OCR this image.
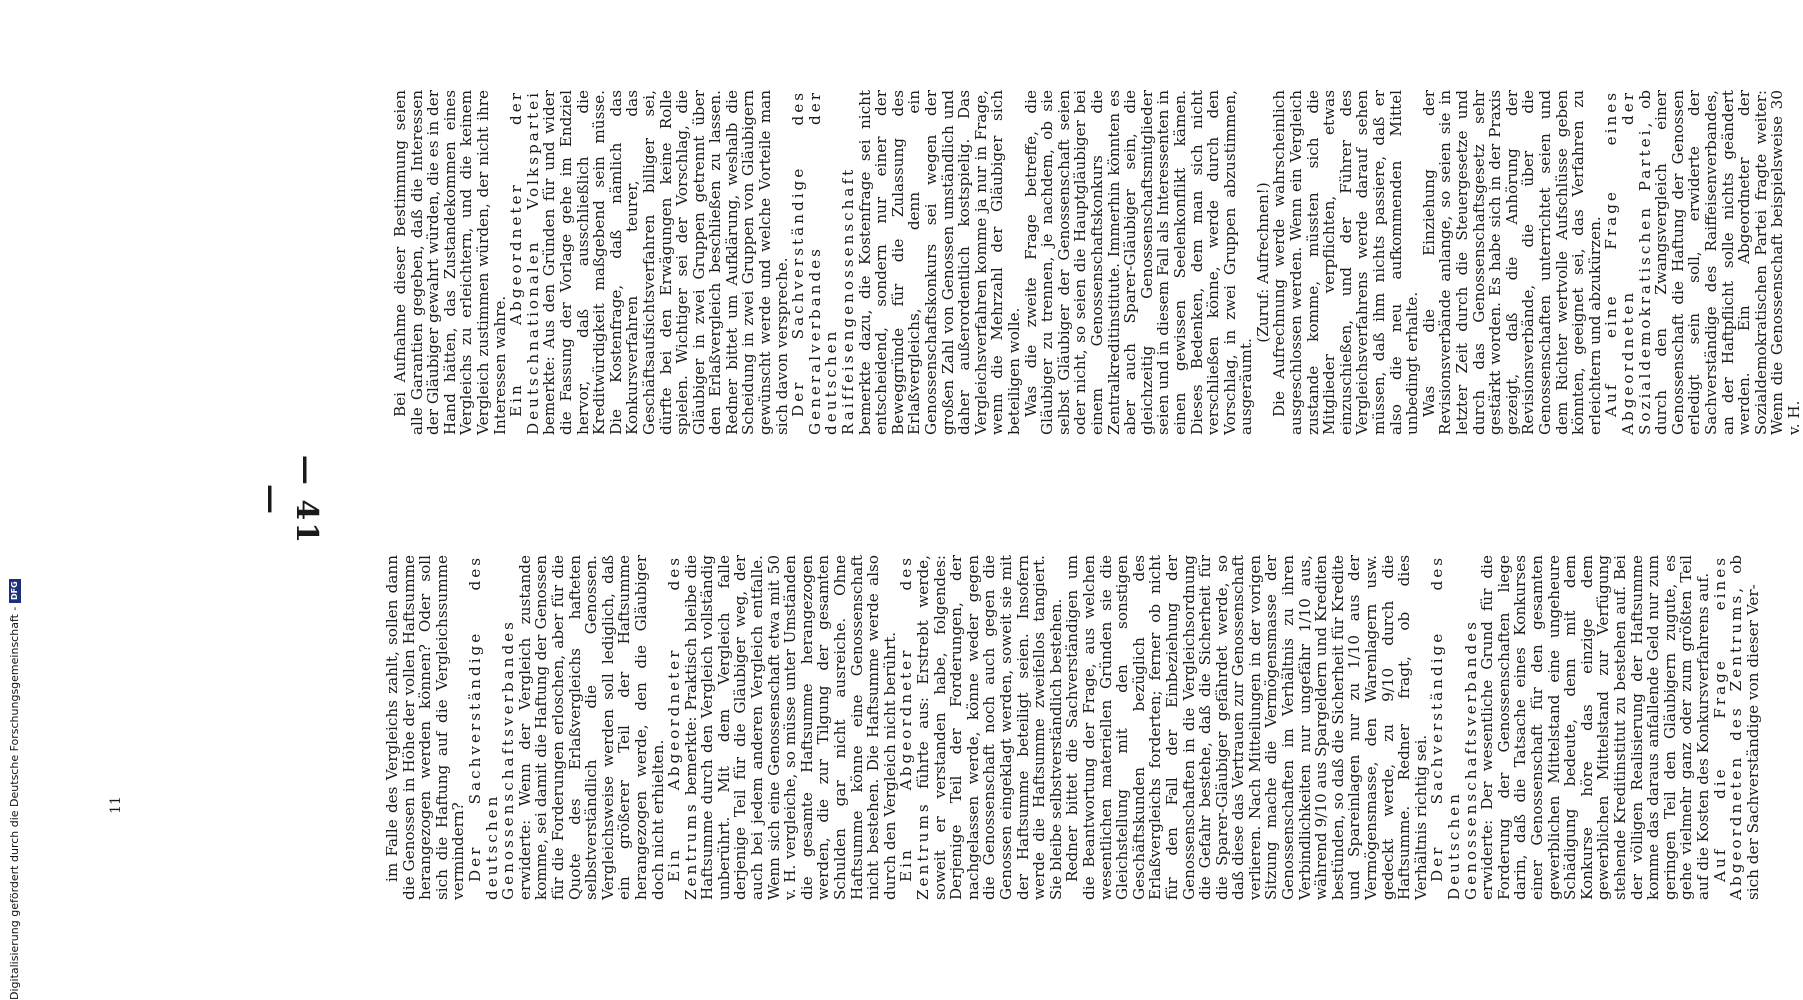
Bei Aufnahme dieser Bestimmung seien alle Garantien gegeben, daß die Interessen der Gläubiger gewahrt würden, die es in der Hand hätten, das Zustandekommen eines Vergleichs zu erleichtern, und die keinem Vergleich zustimmen würden, der nicht ihre Interessen wahre.

Ein Abgeordneter der Deutschnationalen Volkspartei bemerkte: Aus den Gründen für und wider die Fassung der Vorlage gehe im Endziel hervor, daß ausschließlich die Kreditwürdigkeit maßgebend sein müsse. Die Kostenfrage, daß nämlich das Konkursverfahren teurer, das Geschäftsaufsichtsverfahren billiger sei, dürfte bei den Erwägungen keine Rolle spielen. Wichtiger sei der Vorschlag, die Gläubiger in zwei Gruppen getrennt über den Erlaßvergleich beschließen zu lassen. Redner bittet um Aufklärung, weshalb die Scheidung in zwei Gruppen von Gläubigern gewünscht werde und welche Vorteile man sich davon verspreche.

Der Sachverständige des Generalverbandes der deutschen Raiffeisengenossenschaft bemerkte dazu, die Kostenfrage sei nicht entscheidend, sondern nur einer der Beweggründe für die Zulassung des Erlaßvergleichs, denn ein Genossenschaftskonkurs sei wegen der großen Zahl von Genossen umständlich und daher außerordentlich kostspielig. Das Vergleichsverfahren komme ja nur in Frage, wenn die Mehrzahl der Gläubiger sich beteiligen wolle.

Was die zweite Frage betreffe, die Gläubiger zu trennen, je nachdem, ob sie selbst Gläubiger der Genossenschaft seien oder nicht, so seien die Hauptgläubiger bei einem Genossenschaftskonkurs die Zentralkreditinstitute. Immerhin könnten es aber auch Sparer-Gläubiger sein, die gleichzeitig Genossenschaftsmitglieder seien und in diesem Fall als Interessenten in einen gewissen Seelenkonflikt kämen. Dieses Bedenken, dem man sich nicht verschließen könne, werde durch den Vorschlag, in zwei Gruppen abzustimmen, ausgeräumt.

(Zuruf: Aufrechnen!)

Die Aufrechnung werde wahrscheinlich ausgeschlossen werden. Wenn ein Vergleich zustande komme, müssten sich die Mitglieder verpflichten, etwas einzuschießen, und der Führer des Vergleichsverfahrens werde darauf sehen müssen, daß ihm nichts passiere, daß er also die neu aufkommenden Mittel unbedingt erhalte.

Was die Einziehung der Revisionsverbände anlange, so seien sie in letzter Zeit durch die Steuergesetze und durch das Genossenschaftsgesetz sehr gestärkt worden. Es habe sich in der Praxis gezeigt, daß die Anhörung der Revisionsverbände, die über die Genossenschaften unterrichtet seien und dem Richter wertvolle Aufschlüsse geben könnten, geeignet sei, das Verfahren zu erleichtern und abzukürzen.

Auf eine Frage eines Abgeordneten der Sozialdemokratischen Partei, ob durch den Zwangsvergleich einer Genossenschaft die Haftung der Genossen erledigt sein soll, erwiderte der Sachverständige des Raiffeisenverbandes, an der Haftpflicht solle nichts geändert werden. Ein Abgeordneter der Sozialdemokratischen Partei fragte weiter: Wenn die Genossenschaft beispielsweise 30 v. H.

— 41 —

im Falle des Vergleichs zahlt, sollen dann die Genossen in Höhe der vollen Haftsumme herangezogen werden können? Oder soll sich die Haftung auf die Vergleichssumme vermindern?

Der Sachverständige des deutschen Genossenschaftsverbandes erwiderte: Wenn der Vergleich zustande komme, sei damit die Haftung der Genossen für die Forderungen erloschen, aber für die Quote des Erlaßvergleichs hafteten selbstverständlich die Genossen. Vergleichsweise werden soll lediglich, daß ein größerer Teil der Haftsumme herangezogen werde, den die Gläubiger doch nicht erhielten.

Ein Abgeordneter des Zentrums bemerkte: Praktisch bleibe die Haftsumme durch den Vergleich vollständig unberührt. Mit dem Vergleich falle derjenige Teil für die Gläubiger weg, der auch bei jedem anderen Vergleich entfalle. Wenn sich eine Genossenschaft etwa mit 50 v. H. vergleiche, so müsse unter Umständen die gesamte Haftsumme herangezogen werden, die zur Tilgung der gesamten Schulden gar nicht ausreiche. Ohne Haftsumme könne eine Genossenschaft nicht bestehen. Die Haftsumme werde also durch den Vergleich nicht berührt.

Ein Abgeordneter des Zentrums führte aus: Erstrebt werde, soweit er verstanden habe, folgendes: Derjenige Teil der Forderungen, der nachgelassen werde, könne weder gegen die Genossenschaft noch auch gegen die Genossen eingeklagt werden, soweit sie mit der Haftsumme beteiligt seien. Insofern werde die Haftsumme zweifellos tangiert. Sie bleibe selbstverständlich bestehen.

Redner bittet die Sachverständigen um die Beantwortung der Frage, aus welchen wesentlichen materiellen Gründen sie die Gleichstellung mit den sonstigen Geschäftskunden bezüglich des Erlaßvergleichs forderten; ferner ob nicht für den Fall der Einbeziehung der Genossenschaften in die Vergleichsordnung die Gefahr bestehe, daß die Sicherheit für die Sparer-Gläubiger gefährdet werde, so daß diese das Vertrauen zur Genossenschaft verlieren. Nach Mitteilungen in der vorigen Sitzung mache die Vermögensmasse der Genossenschaften im Verhältnis zu ihren Verbindlichkeiten nur ungefähr 1/10 aus, während 9/10 aus Spargeldern und Krediten bestünden, so daß die Sicherheit für Kredite und Spareinlagen nur zu 1/10 aus der Vermögensmasse, den Warenlagern usw. gedeckt werde, zu 9/10 durch die Haftsumme. Redner fragt, ob dies Verhältnis richtig sei.

Der Sachverständige des Deutschen Genossenschaftsverbandes erwiderte: Der wesentliche Grund für die Forderung der Genossenschaften liege darin, daß die Tatsache eines Konkurses einer Genossenschaft für den gesamten gewerblichen Mittelstand eine ungeheure Schädigung bedeute, denn mit dem Konkurse höre das einzige dem gewerblichen Mittelstand zur Verfügung stehende Kreditinstitut zu bestehen auf. Bei der völligen Realisierung der Haftsumme komme das daraus anfallende Geld nur zum geringen Teil den Gläubigern zugute, es gehe vielmehr ganz oder zum größten Teil auf die Kosten des Konkursverfahrens auf.

Auf die Frage eines Abgeordneten des Zentrums, ob sich der Sachverständige von dieser Ver-

11
Digitalisierung gefördert durch die Deutsche Forschungsgemeinschaft -DFG
